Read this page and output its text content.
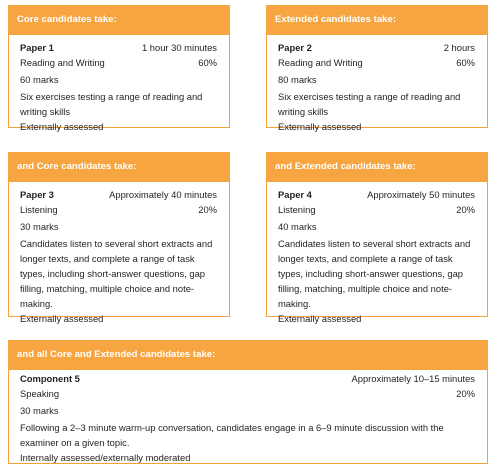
Core candidates take:
Paper 1	1 hour 30 minutes
Reading and Writing	60%

60 marks

Six exercises testing a range of reading and

writing skills

Externally assessed

Extended candidates take:
Paper 2	2 hours
Reading and Writing	60%

80 marks

Six exercises testing a range of reading and

writing skills

Externally assessed

and Core candidates take:
Paper 3	Approximately 40 minutes
Listening	20%

30 marks

Candidates listen to several short extracts and

longer texts, and complete a range of task

types, including short-answer questions, gap

filling, matching, multiple choice and note-

making.

Externally assessed

and Extended candidates take:
Paper 4	Approximately 50 minutes
Listening	20%

40 marks

Candidates listen to several short extracts and

longer texts, and complete a range of task

types, including short-answer questions, gap

filling, matching, multiple choice and note-

making.

Externally assessed

and all Core and Extended candidates take:
Component 5	Approximately 10–15 minutes
Speaking	20%

30 marks

Following a 2–3 minute warm-up conversation, candidates engage in a 6–9 minute discussion with the

examiner on a given topic.

Internally assessed/externally moderated
